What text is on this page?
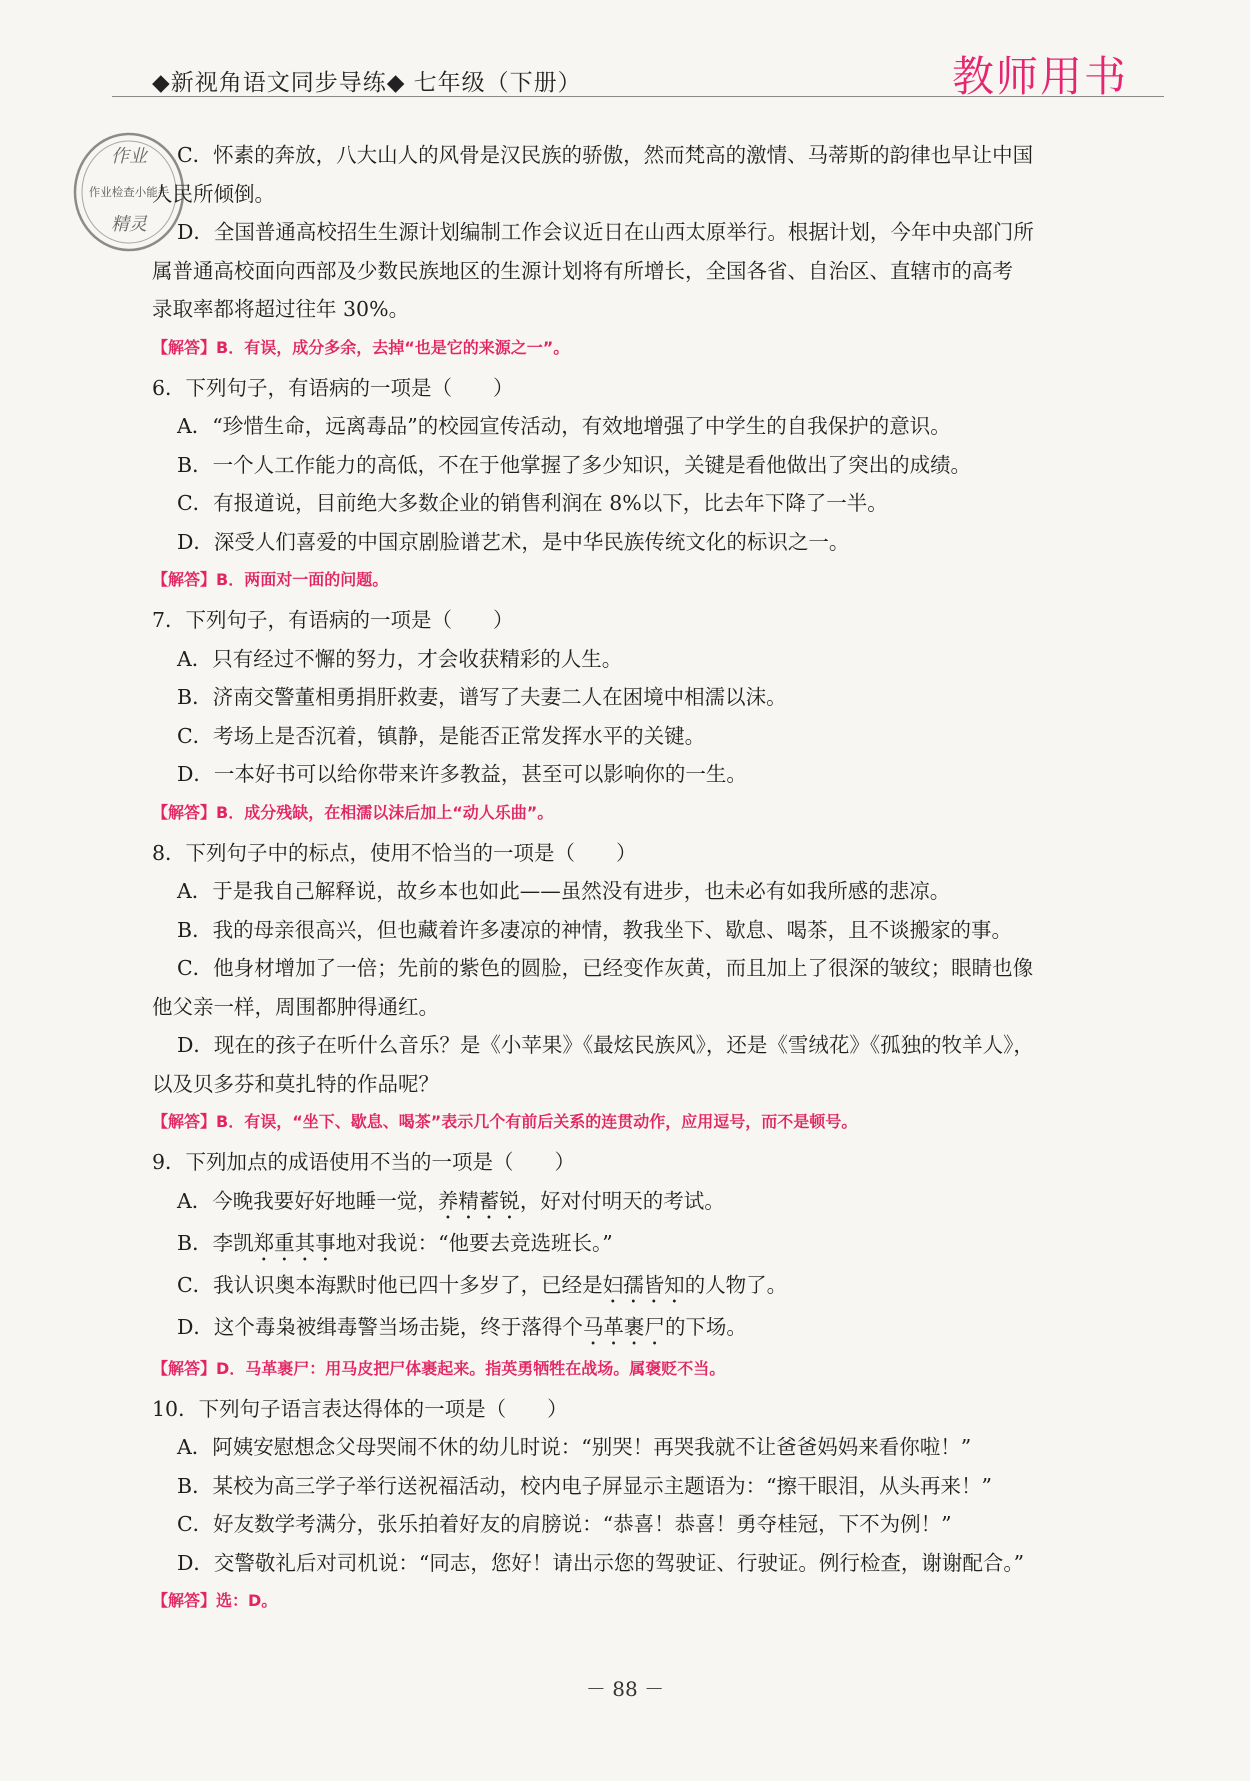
◆新视角语文同步导练◆ 七年级（下册）	教师用书
作业
作业检查小能手
精灵
C．怀素的奔放，八大山人的风骨是汉民族的骄傲，然而梵高的激情、马蒂斯的韵律也早让中国
人民所倾倒。
D．全国普通高校招生生源计划编制工作会议近日在山西太原举行。根据计划，今年中央部门所
属普通高校面向西部及少数民族地区的生源计划将有所增长，全国各省、自治区、直辖市的高考
录取率都将超过往年 30%。
【解答】B．有误，成分多余，去掉“也是它的来源之一”。
6．下列句子，有语病的一项是（　　）
A．“珍惜生命，远离毒品”的校园宣传活动，有效地增强了中学生的自我保护的意识。
B．一个人工作能力的高低，不在于他掌握了多少知识，关键是看他做出了突出的成绩。
C．有报道说，目前绝大多数企业的销售利润在 8%以下，比去年下降了一半。
D．深受人们喜爱的中国京剧脸谱艺术，是中华民族传统文化的标识之一。
【解答】B．两面对一面的问题。
7．下列句子，有语病的一项是（　　）
A．只有经过不懈的努力，才会收获精彩的人生。
B．济南交警董相勇捐肝救妻，谱写了夫妻二人在困境中相濡以沫。
C．考场上是否沉着，镇静，是能否正常发挥水平的关键。
D．一本好书可以给你带来许多教益，甚至可以影响你的一生。
【解答】B．成分残缺，在相濡以沫后加上“动人乐曲”。
8．下列句子中的标点，使用不恰当的一项是（　　）
A．于是我自己解释说，故乡本也如此——虽然没有进步，也未必有如我所感的悲凉。
B．我的母亲很高兴，但也藏着许多凄凉的神情，教我坐下、歇息、喝茶，且不谈搬家的事。
C．他身材增加了一倍；先前的紫色的圆脸，已经变作灰黄，而且加上了很深的皱纹；眼睛也像
他父亲一样，周围都肿得通红。
D．现在的孩子在听什么音乐？是《小苹果》《最炫民族风》，还是《雪绒花》《孤独的牧羊人》，
以及贝多芬和莫扎特的作品呢？
【解答】B．有误，“坐下、歇息、喝茶”表示几个有前后关系的连贯动作，应用逗号，而不是顿号。
9．下列加点的成语使用不当的一项是（　　）
A．今晚我要好好地睡一觉，养精蓄锐，好对付明天的考试。
B．李凯郑重其事地对我说：“他要去竞选班长。”
C．我认识奥本海默时他已四十多岁了，已经是妇孺皆知的人物了。
D．这个毒枭被缉毒警当场击毙，终于落得个马革裹尸的下场。
【解答】D．马革裹尸：用马皮把尸体裹起来。指英勇牺牲在战场。属褒贬不当。
10．下列句子语言表达得体的一项是（　　）
A．阿姨安慰想念父母哭闹不休的幼儿时说：“别哭！再哭我就不让爸爸妈妈来看你啦！”
B．某校为高三学子举行送祝福活动，校内电子屏显示主题语为：“擦干眼泪，从头再来！”
C．好友数学考满分，张乐拍着好友的肩膀说：“恭喜！恭喜！勇夺桂冠，下不为例！”
D．交警敬礼后对司机说：“同志，您好！请出示您的驾驶证、行驶证。例行检查，谢谢配合。”
【解答】选：D。
－ 88 －
